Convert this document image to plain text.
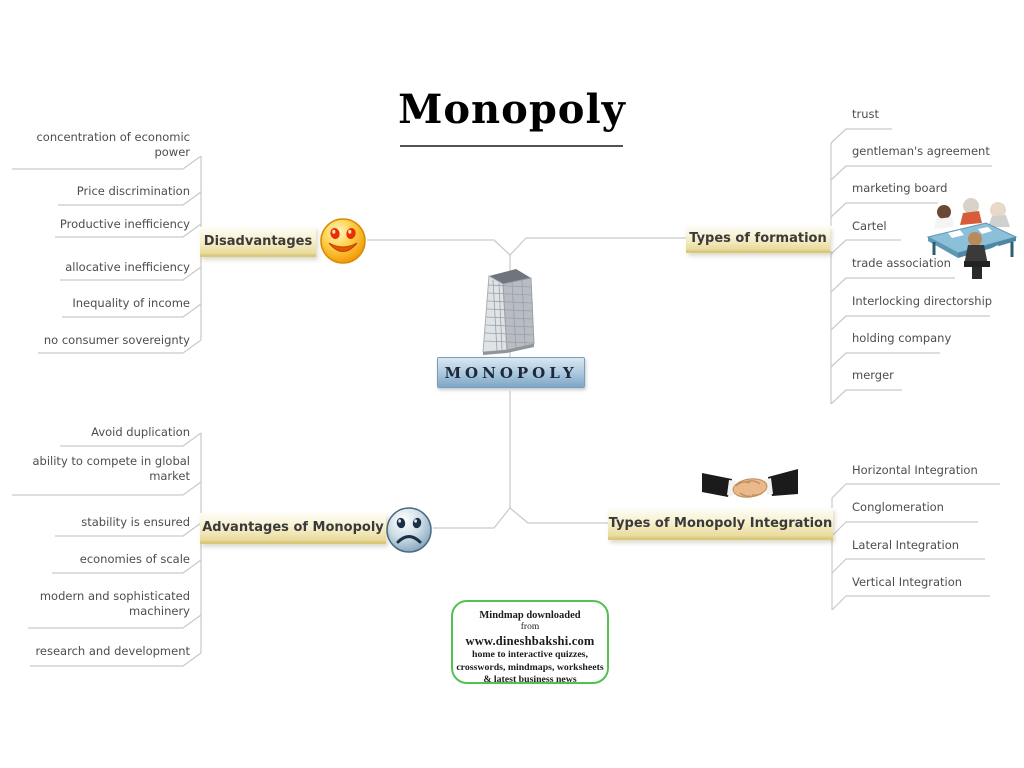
Monopoly
MONOPOLY
Disadvantages
concentration of economic power
Price discrimination
Productive inefficiency
allocative inefficiency
Inequality of income
no consumer sovereignty
Types of formation
trust
gentleman's agreement
marketing board
Cartel
trade association
Interlocking directorship
holding company
merger
Advantages of Monopoly
Avoid duplication
ability to compete in global market
stability is ensured
economies of scale
modern and sophisticated machinery
research and development
Types of Monopoly Integration
Horizontal Integration
Conglomeration
Lateral Integration
Vertical Integration
Mindmap downloaded
from
www.dineshbakshi.com
home to interactive quizzes,
crosswords, mindmaps, worksheets
& latest business news
